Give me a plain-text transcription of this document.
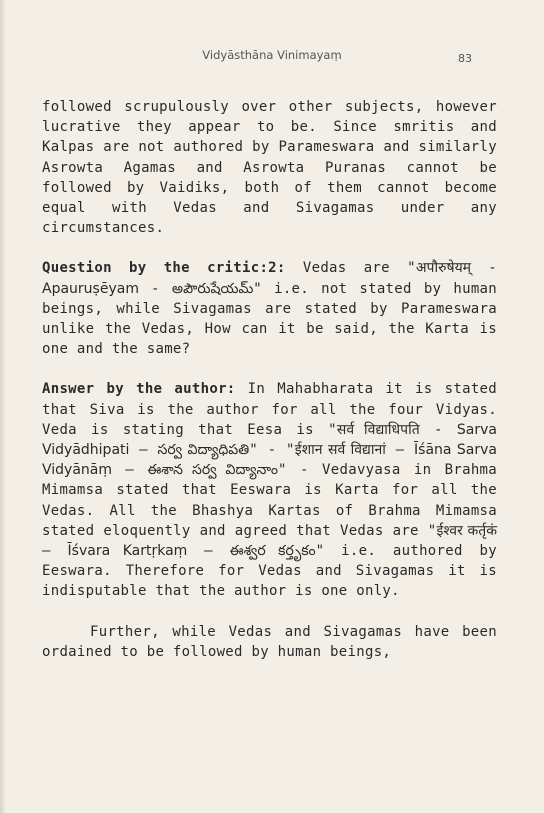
Vidyāsthāna Vinimayaṃ	83

followed scrupulously over other subjects, however lucrative they appear to be. Since smritis and Kalpas are not authored by Parameswara and similarly Asrowta Agamas and Asrowta Puranas cannot be followed by Vaidiks, both of them cannot become equal with Vedas and Sivagamas under any circumstances.

Question by the critic:2: Vedas are "अपौरुषेयम् - Apauruṣēyam - అపౌరుషేయమ్" i.e. not stated by human beings, while Sivagamas are stated by Parameswara unlike the Vedas, How can it be said, the Karta is one and the same?

Answer by the author: In Mahabharata it is stated that Siva is the author for all the four Vidyas. Veda is stating that Eesa is "सर्व विद्याधिपति - Sarva Vidyādhipati – సర్వ విద్యాధిపతి" - "ईशान सर्व विद्यानां – Īśāna Sarva Vidyānāṃ – ఈశాన సర్వ విద్యానాం" - Vedavyasa in Brahma Mimamsa stated that Eeswara is Karta for all the Vedas. All the Bhashya Kartas of Brahma Mimamsa stated eloquently and agreed that Vedas are "ईश्वर कर्तृकं – Īśvara Kartṛkaṃ – ఈశ్వర కర్తృకం" i.e. authored by Eeswara. Therefore for Vedas and Sivagamas it is indisputable that the author is one only.

Further, while Vedas and Sivagamas have been ordained to be followed by human beings,
